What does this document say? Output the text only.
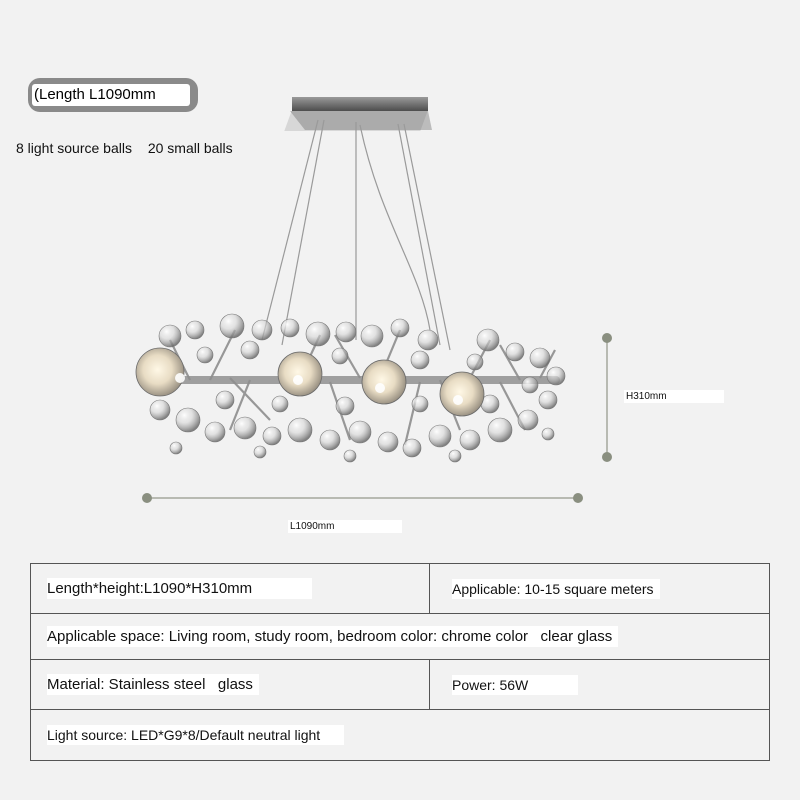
(Length L1090mm
8 light source balls 20 small balls
H310mm
L1090mm
Length*height:L1090*H310mm	Applicable: 10-15 square meters
Applicable space: Living room, study room, bedroom color: chrome color   clear glass
Material: Stainless steel   glass	Power: 56W
Light source: LED*G9*8/Default neutral light
